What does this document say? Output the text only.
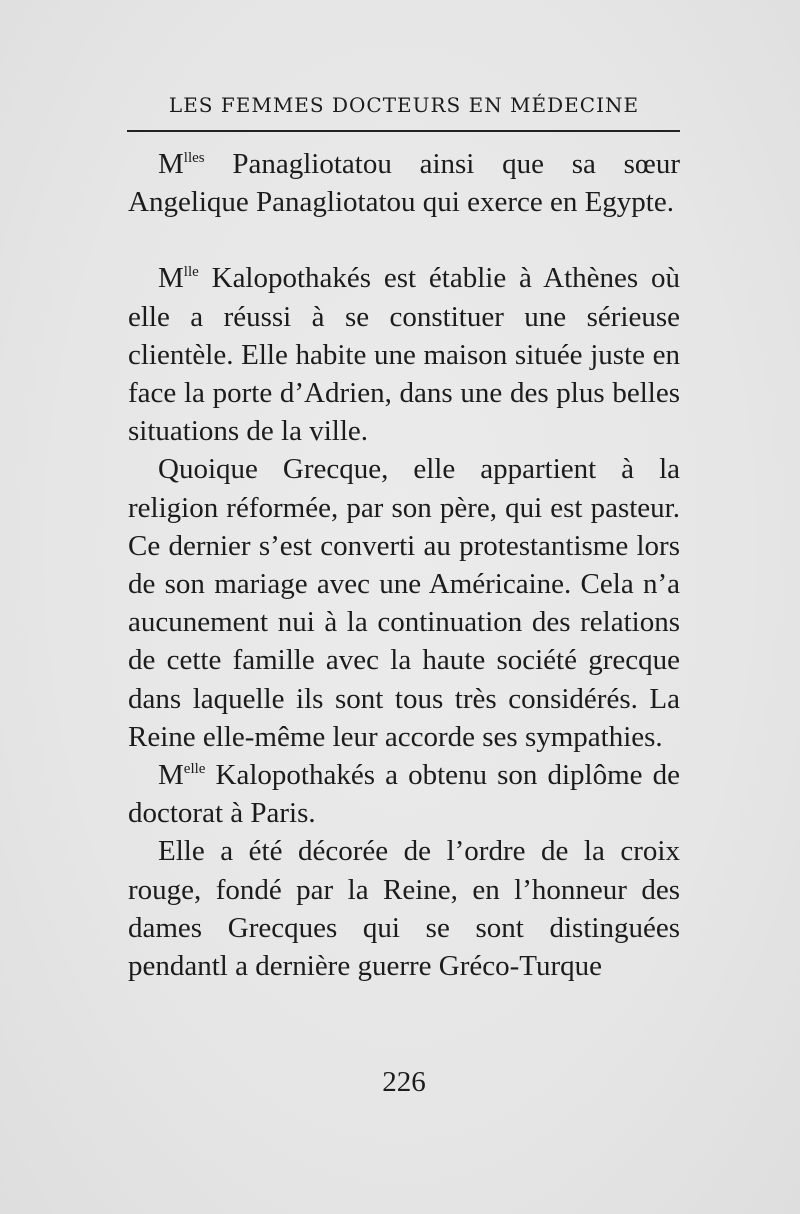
LES FEMMES DOCTEURS EN MÉDECINE

$M^{lles}$ Panagliotatou ainsi que sa sœur Angelique Panagliotatou qui exerce en Egypte.

$M^{lle}$ Kalopothakés est établie à Athènes où elle a réussi à se constituer une sérieuse clientèle. Elle habite une maison située juste en face la porte d’Adrien, dans une des plus belles situations de la ville.

Quoique Grecque, elle appartient à la religion réformée, par son père, qui est pasteur. Ce dernier s’est converti au protestantisme lors de son mariage avec une Américaine. Cela n’a aucunement nui à la continuation des relations de cette famille avec la haute société grecque dans laquelle ils sont tous très considérés. La Reine elle-même leur accorde ses sympathies.

$M^{elle}$ Kalopothakés a obtenu son diplôme de doctorat à Paris.

Elle a été décorée de l’ordre de la croix rouge, fondé par la Reine, en l’honneur des dames Grecques qui se sont distinguées pendantl a dernière guerre Gréco-Turque

226
